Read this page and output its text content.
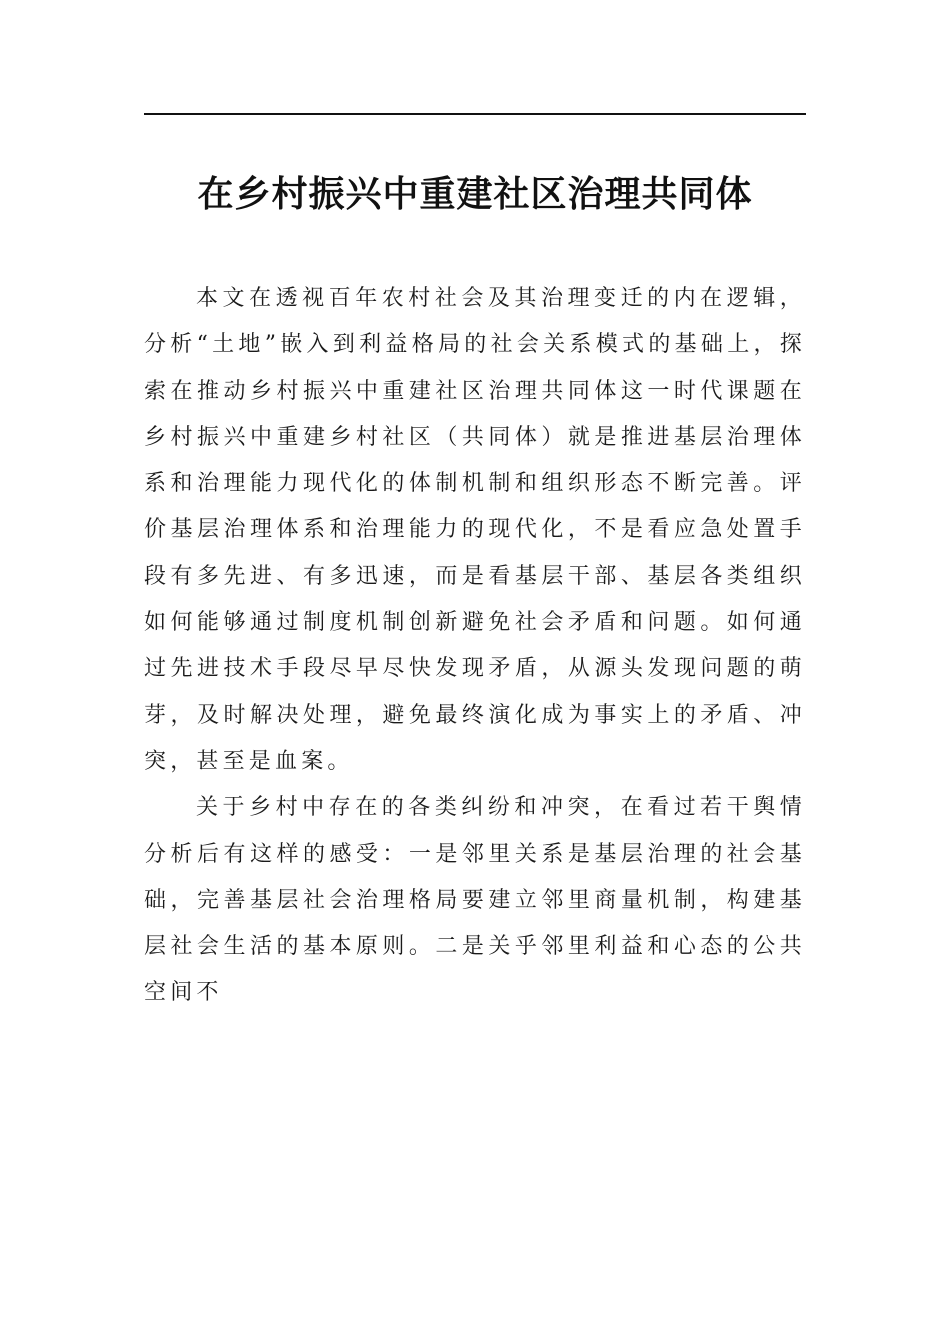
在乡村振兴中重建社区治理共同体

本文在透视百年农村社会及其治理变迁的内在逻辑，分析“土地”嵌入到利益格局的社会关系模式的基础上，探索在推动乡村振兴中重建社区治理共同体这一时代课题在乡村振兴中重建乡村社区（共同体）就是推进基层治理体系和治理能力现代化的体制机制和组织形态不断完善。评价基层治理体系和治理能力的现代化，不是看应急处置手段有多先进、有多迅速，而是看基层干部、基层各类组织如何能够通过制度机制创新避免社会矛盾和问题。如何通过先进技术手段尽早尽快发现矛盾，从源头发现问题的萌芽，及时解决处理，避免最终演化成为事实上的矛盾、冲突，甚至是血案。

关于乡村中存在的各类纠纷和冲突，在看过若干舆情分析后有这样的感受：一是邻里关系是基层治理的社会基础，完善基层社会治理格局要建立邻里商量机制，构建基层社会生活的基本原则。二是关乎邻里利益和心态的公共空间不
